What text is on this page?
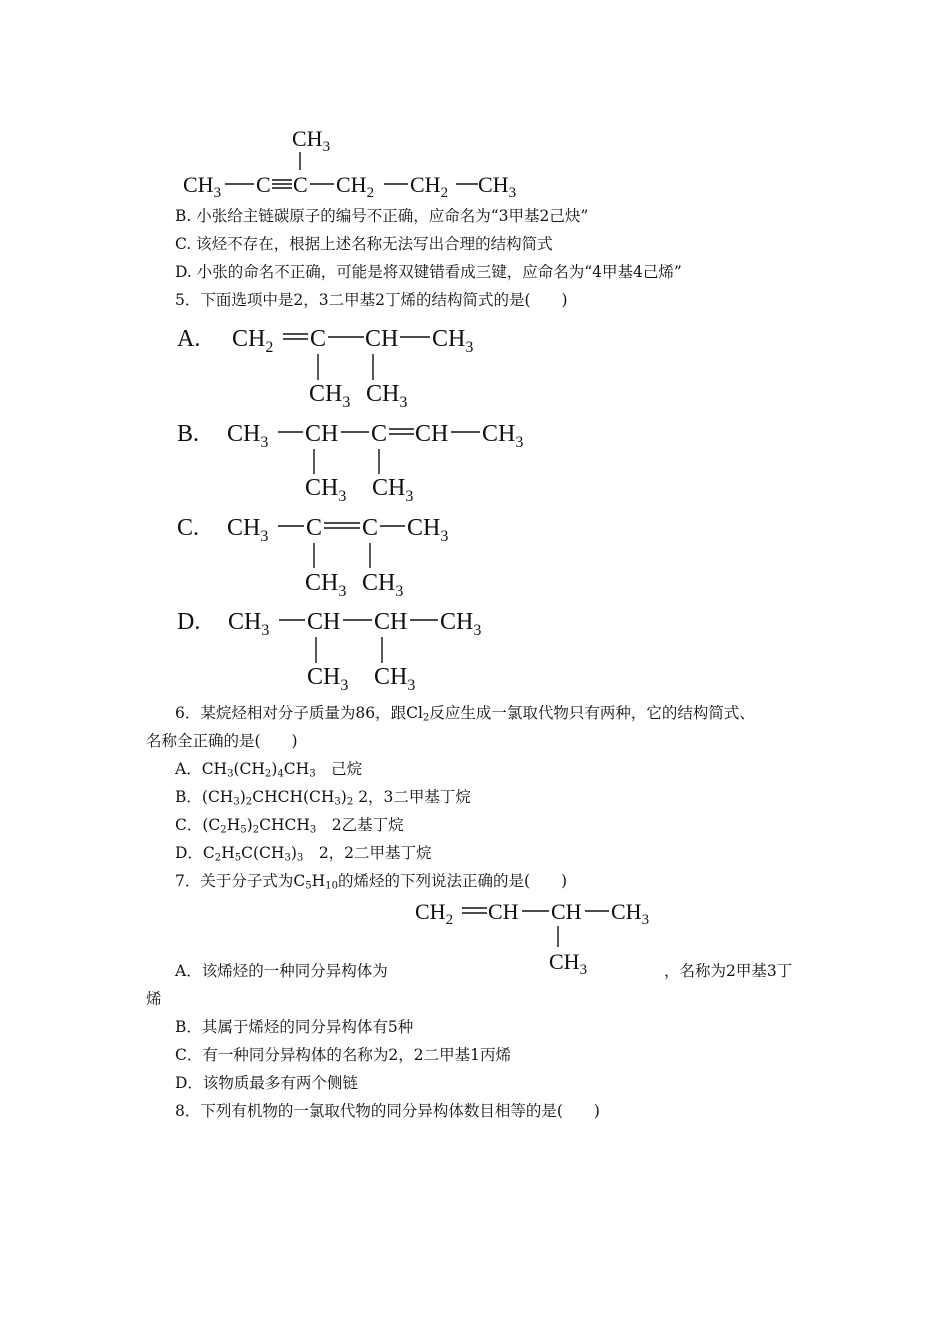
$CH_3$
$CH_3$ C C $CH_2$ $CH_2$ $CH_3$
B. 小张给主链碳原子的编号不正确，应命名为“3甲基2己炔”
C. 该烃不存在，根据上述名称无法写出合理的结构简式
D. 小张的命名不正确，可能是将双键错看成三键，应命名为“4甲基4己烯”
5．下面选项中是2，3二甲基2丁烯的结构简式的是(　　)
A. $CH_2$ C CH $CH_3$
$CH_3$ $CH_3$
B. $CH_3$ CH C CH $CH_3$
$CH_3$ $CH_3$
C. $CH_3$ C C $CH_3$
$CH_3$ $CH_3$
D. $CH_3$ CH CH $CH_3$
$CH_3$ $CH_3$
6．某烷烃相对分子质量为86，跟$Cl_2$反应生成一氯取代物只有两种，它的结构简式、
名称全正确的是(　　)
A．$CH_3(CH_2)_4CH_3$　己烷
B．$(CH_3)_2CHCH(CH_3)_2$ 2，3二甲基丁烷
C．$(C_2H_5)_2CHCH_3$　2乙基丁烷
D．$C_2H_5C(CH_3)_3$　2，2二甲基丁烷
7．关于分子式为$C_5H_{10}$的烯烃的下列说法正确的是(　　)
$CH_2$ CH CH $CH_3$
$CH_3$
A．该烯烃的一种同分异构体为	，名称为2甲基3丁
烯
B．其属于烯烃的同分异构体有5种
C．有一种同分异构体的名称为2，2二甲基1丙烯
D．该物质最多有两个侧链
8．下列有机物的一氯取代物的同分异构体数目相等的是(　　)
